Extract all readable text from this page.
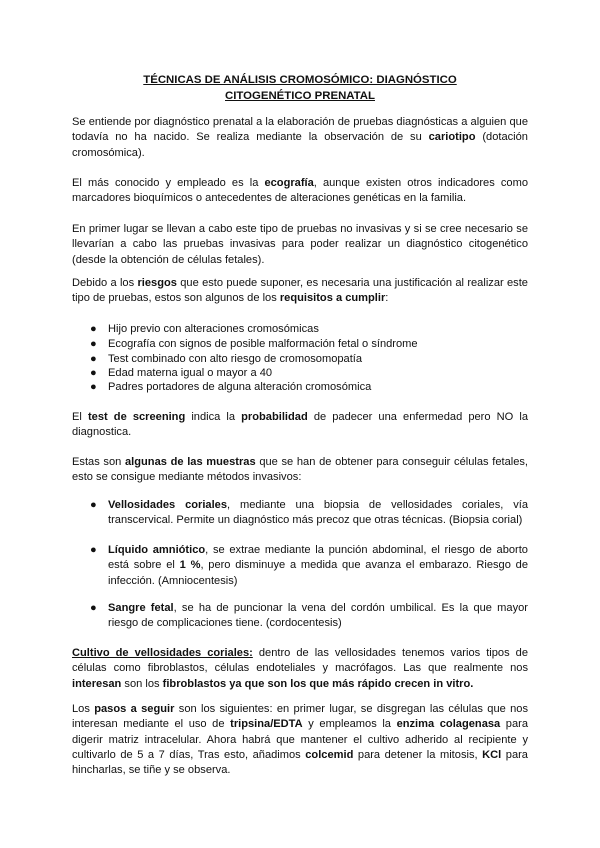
TÉCNICAS DE ANÁLISIS CROMOSÓMICO: DIAGNÓSTICO
CITOGENÉTICO PRENATAL

Se entiende por diagnóstico prenatal a la elaboración de pruebas diagnósticas a alguien que todavía no ha nacido. Se realiza mediante la observación de su cariotipo (dotación cromosómica).

El más conocido y empleado es la ecografía, aunque existen otros indicadores como marcadores bioquímicos o antecedentes de alteraciones genéticas en la familia.

En primer lugar se llevan a cabo este tipo de pruebas no invasivas y si se cree necesario se llevarían a cabo las pruebas invasivas para poder realizar un diagnóstico citogenético (desde la obtención de células fetales).

Debido a los riesgos que esto puede suponer, es necesaria una justificación al realizar este tipo de pruebas, estos son algunos de los requisitos a cumplir:

● Hijo previo con alteraciones cromosómicas
● Ecografía con signos de posible malformación fetal o síndrome
● Test combinado con alto riesgo de cromosomopatía
● Edad materna igual o mayor a 40
● Padres portadores de alguna alteración cromosómica

El test de screening indica la probabilidad de padecer una enfermedad pero NO la diagnostica.

Estas son algunas de las muestras que se han de obtener para conseguir células fetales, esto se consigue mediante métodos invasivos:

● Vellosidades coriales, mediante una biopsia de vellosidades coriales, vía transcervical. Permite un diagnóstico más precoz que otras técnicas. (Biopsia corial)
● Líquido amniótico, se extrae mediante la punción abdominal, el riesgo de aborto está sobre el 1 %, pero disminuye a medida que avanza el embarazo. Riesgo de infección. (Amniocentesis)
● Sangre fetal, se ha de puncionar la vena del cordón umbilical. Es la que mayor riesgo de complicaciones tiene. (cordocentesis)

Cultivo de vellosidades coriales: dentro de las vellosidades tenemos varios tipos de células como fibroblastos, células endoteliales y macrófagos. Las que realmente nos interesan son los fibroblastos ya que son los que más rápido crecen in vitro.

Los pasos a seguir son los siguientes: en primer lugar, se disgregan las células que nos interesan mediante el uso de tripsina/EDTA y empleamos la enzima colagenasa para digerir matriz intracelular. Ahora habrá que mantener el cultivo adherido al recipiente y cultivarlo de 5 a 7 días, Tras esto, añadimos colcemid para detener la mitosis, KCl para hincharlas, se tiñe y se observa.
